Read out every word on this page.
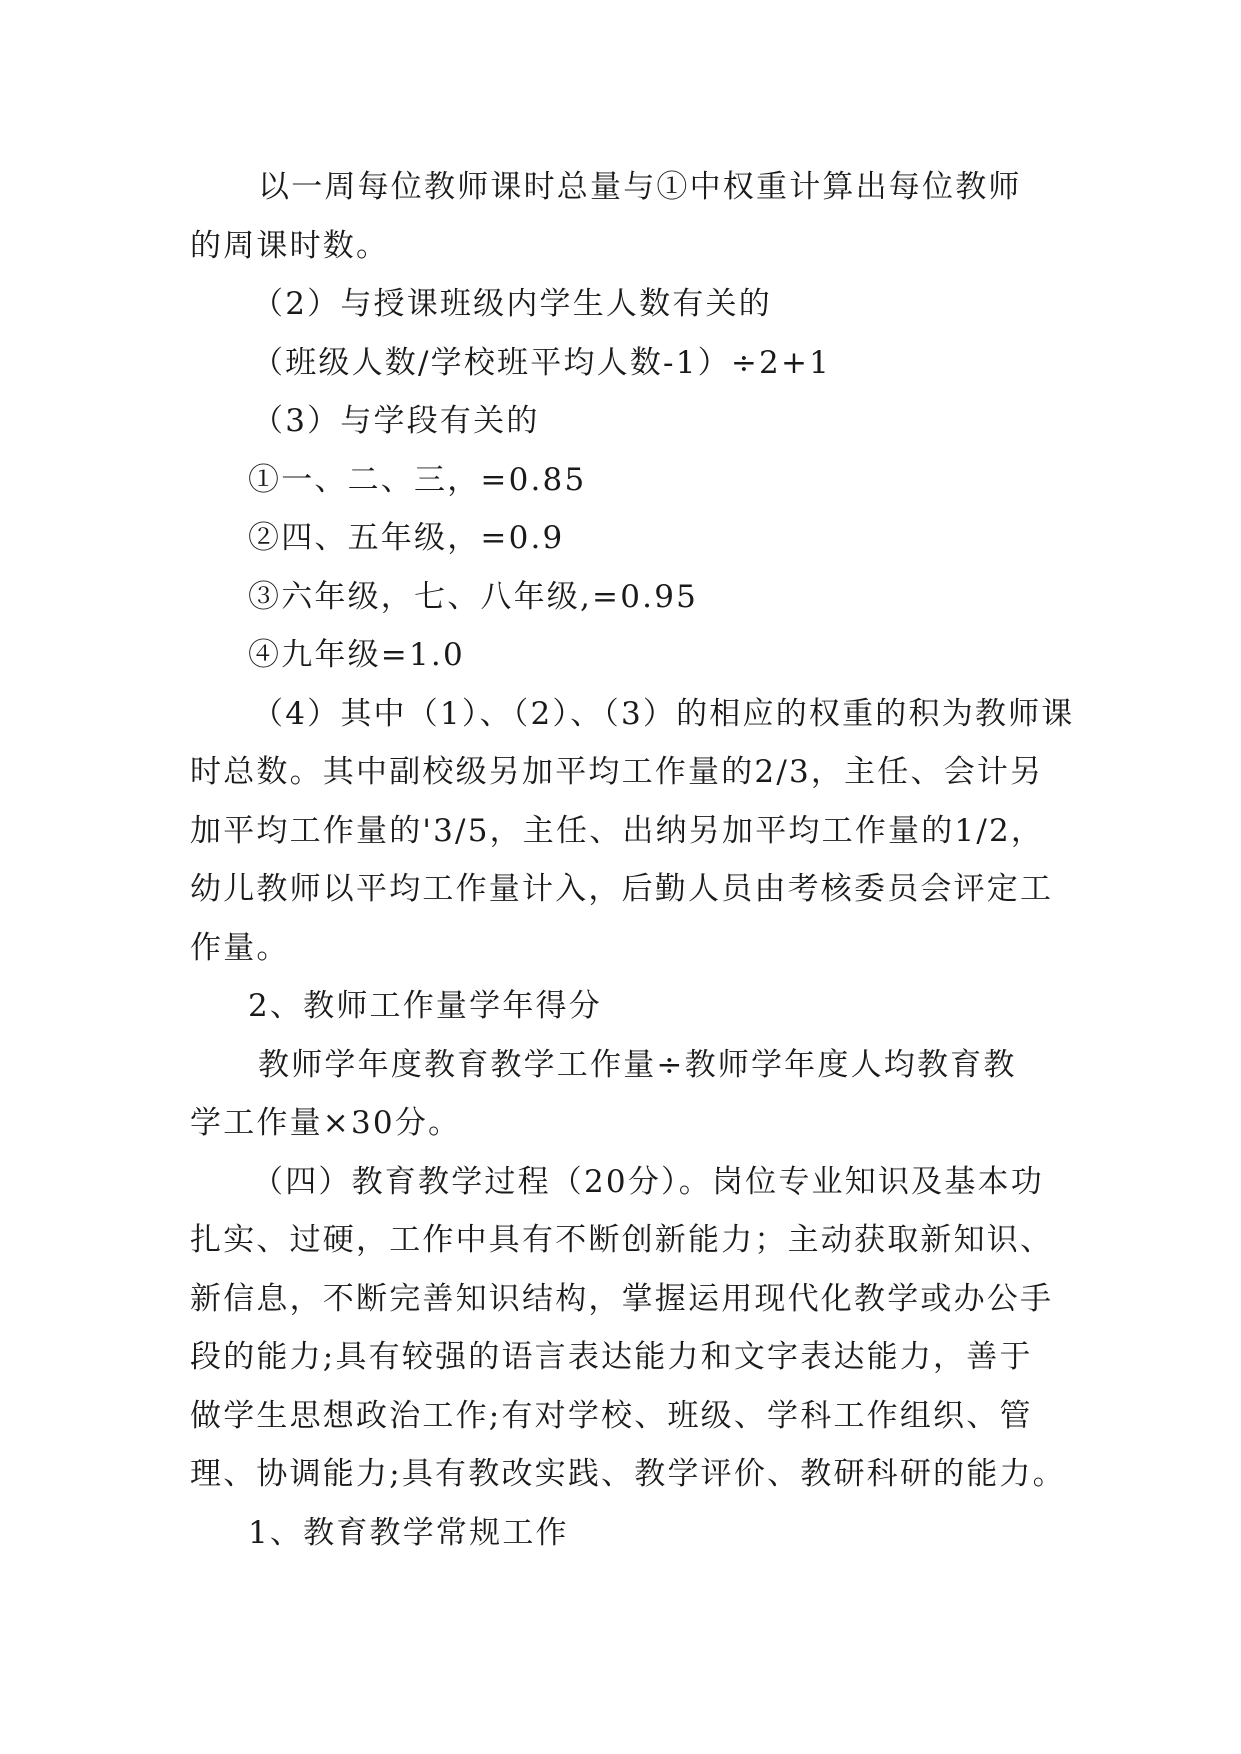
以一周每位教师课时总量与①中权重计算出每位教师
的周课时数。
（2）与授课班级内学生人数有关的
（班级人数/学校班平均人数-1）÷2+1
（3）与学段有关的
①一、二、三，=0.85
②四、五年级，=0.9
③六年级，七、八年级,=0.95
④九年级=1.0
（4）其中（1）、（2）、（3）的相应的权重的积为教师课
时总数。其中副校级另加平均工作量的2/3，主任、会计另
加平均工作量的'3/5，主任、出纳另加平均工作量的1/2，
幼儿教师以平均工作量计入，后勤人员由考核委员会评定工
作量。
2、教师工作量学年得分
教师学年度教育教学工作量÷教师学年度人均教育教
学工作量×30分。
（四）教育教学过程（20分）。岗位专业知识及基本功
扎实、过硬，工作中具有不断创新能力；主动获取新知识、
新信息，不断完善知识结构，掌握运用现代化教学或办公手
段的能力;具有较强的语言表达能力和文字表达能力，善于
做学生思想政治工作;有对学校、班级、学科工作组织、管
理、协调能力;具有教改实践、教学评价、教研科研的能力。
1、教育教学常规工作
